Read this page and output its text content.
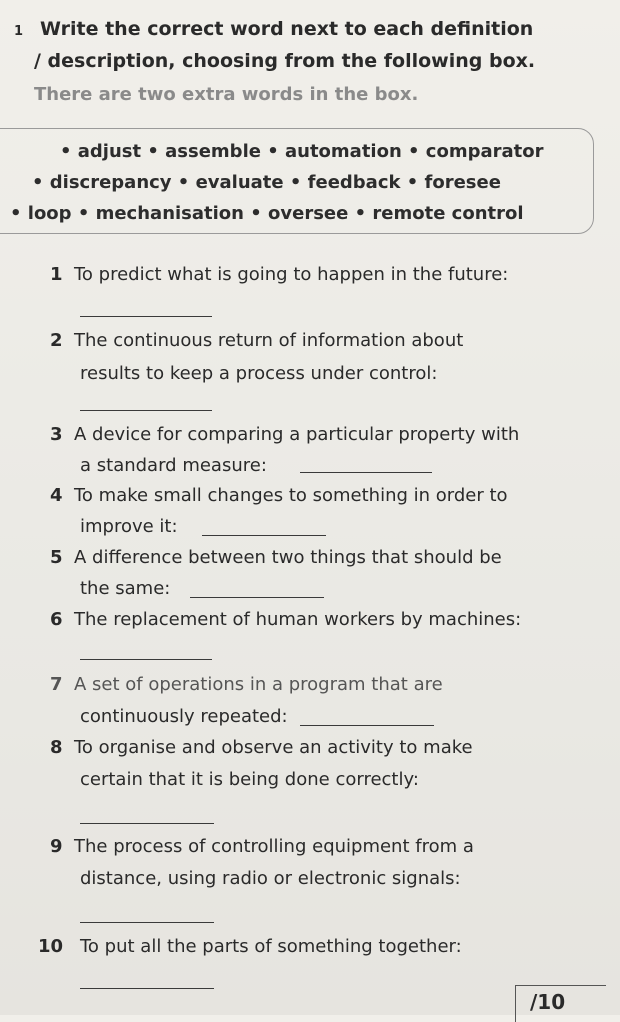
1 Write the correct word next to each definition
/ description, choosing from the following box.
There are two extra words in the box.
• adjust • assemble • automation • comparator
• discrepancy • evaluate • feedback • foresee
• loop • mechanisation • oversee • remote control
1 To predict what is going to happen in the future:
2 The continuous return of information about
results to keep a process under control:
3 A device for comparing a particular property with
a standard measure:
4 To make small changes to something in order to
improve it:
5 A difference between two things that should be
the same:
6 The replacement of human workers by machines:
7 A set of operations in a program that are
continuously repeated:
8 To organise and observe an activity to make
certain that it is being done correctly:
9 The process of controlling equipment from a
distance, using radio or electronic signals:
10 To put all the parts of something together:
/10
